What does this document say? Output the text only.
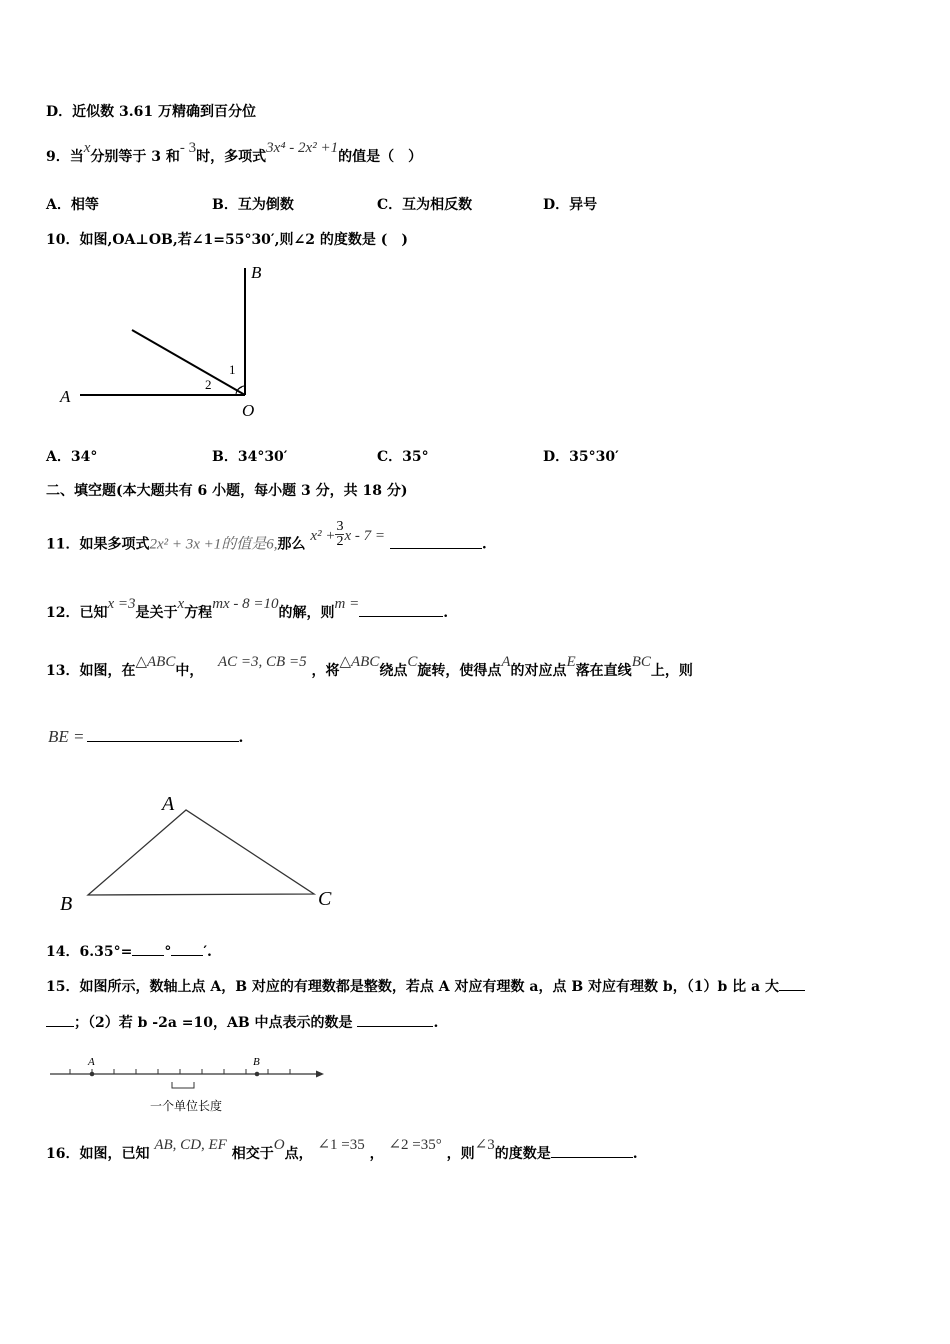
D．近似数 3.61 万精确到百分位
9．当x分别等于 3 和- 3时，多项式3x⁴ - 2x² +1的值是（　）
A．相等	B．互为倒数	C．互为相反数	D．异号
10．如图,OA⊥OB,若∠1=55°30′,则∠2 的度数是 (　)
A
B
O
1
2
A．34°	B．34°30′	C．35°	D．35°30′
二、填空题(本大题共有 6 小题，每小题 3 分，共 18 分)
11．如果多项式2x² + 3x +1的值是6,那么 $x^2 + \frac{3}{2}$ x - 7 = .
12．已知x =3是关于x方程mx - 8 =10的解，则m =.
13．如图，在△ABC中，   AC =3, CB =5 ，将△ABC绕点C旋转，使得点A的对应点E落在直线BC上，则
BE =	.
A
B	C
14．6.35°= ° ′.
15．如图所示，数轴上点 A，B 对应的有理数都是整数，若点 A 对应有理数 a，点 B 对应有理数 b，（1）b 比 a 大
；（2）若 b -2a =10，AB 中点表示的数是	.
A	B
一个单位长度
16．如图，已知 AB, CD, EF 相交于O点， ∠1 =35 ， ∠2 =35° ，则∠3的度数是	.
